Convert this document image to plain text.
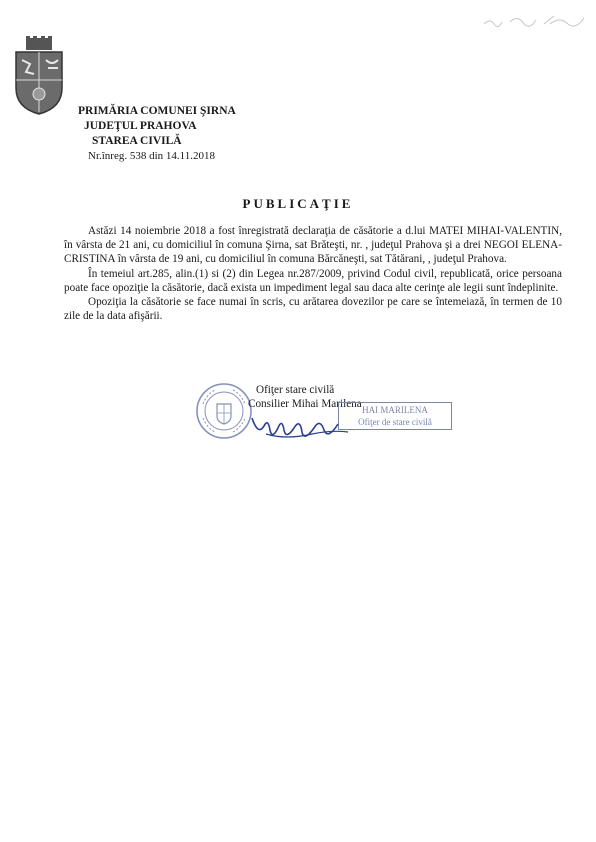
PRIMĂRIA COMUNEI ŞIRNA
JUDEŢUL PRAHOVA
STAREA CIVILĂ
Nr.înreg. 538 din 14.11.2018
PUBLICAŢIE

Astăzi 14 noiembrie 2018 a fost înregistrată declaraţia de căsătorie a d.lui MATEI MIHAI-VALENTIN, în vârsta de 21 ani, cu domiciliul în comuna Şirna, sat Brăteşti, nr. , judeţul Prahova şi a drei NEGOI ELENA-CRISTINA în vârsta de 19 ani, cu domiciliul în comuna Bărcăneşti, sat Tătărani, , judeţul Prahova.

În temeiul art.285, alin.(1) si (2) din Legea nr.287/2009, privind Codul civil, republicată, orice persoana poate face opoziţie la căsătorie, dacă exista un impediment legal sau daca alte cerinţe ale legii sunt îndeplinite.

Opoziţia la căsătorie se face numai în scris, cu arătarea dovezilor pe care se întemeiază, în termen de 10 zile de la data afişării.

Ofiţer stare civilă
Consilier Mihai Marilena HAI MARILENA
Ofiţer de stare civilă
